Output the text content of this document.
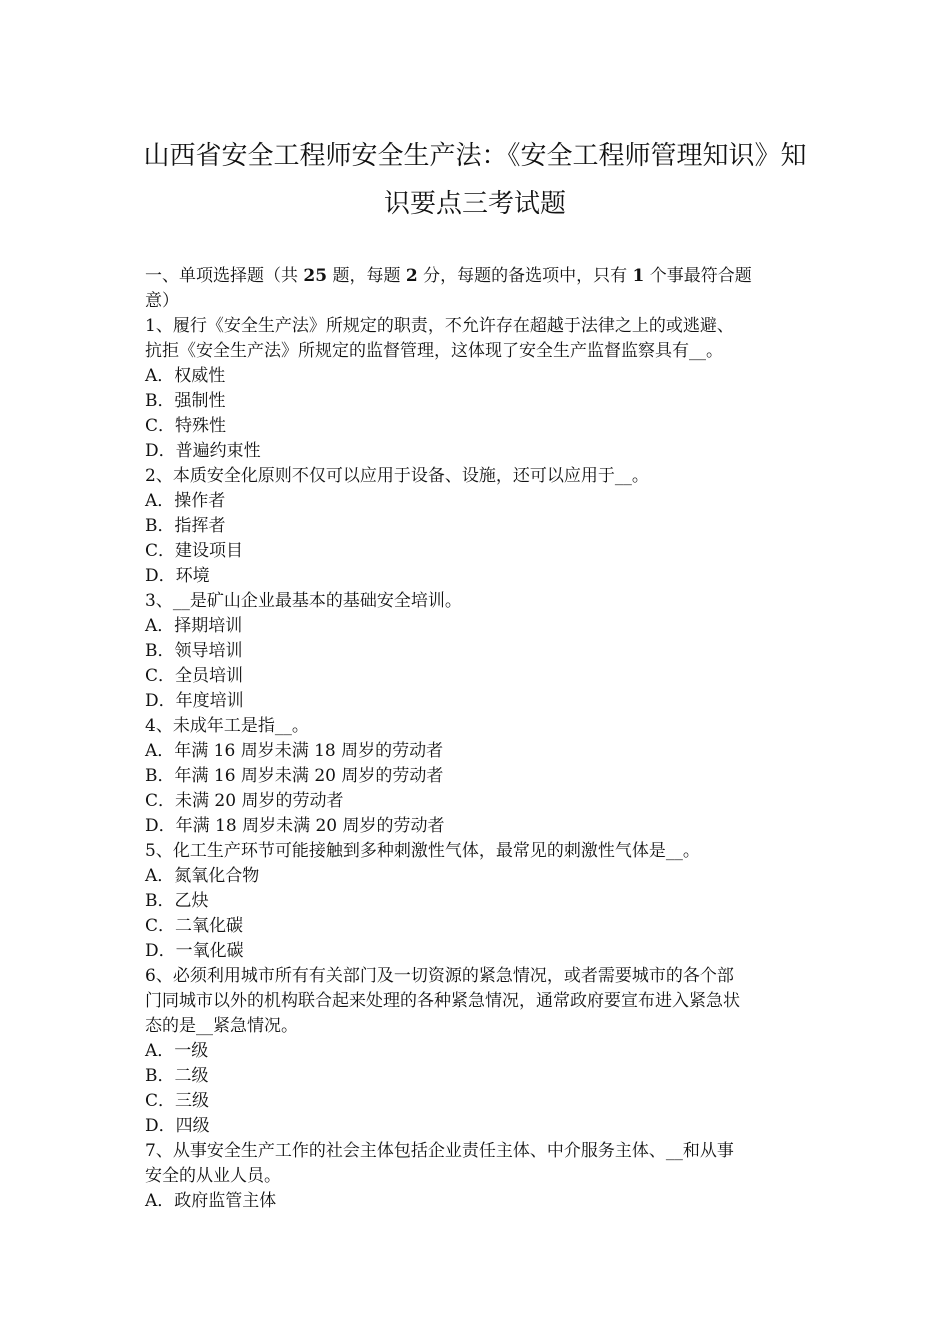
山西省安全工程师安全生产法：《安全工程师管理知识》知
识要点三考试题
一、单项选择题（共 25 题，每题 2 分，每题的备选项中，只有 1 个事最符合题
意）
1、履行《安全生产法》所规定的职责，不允许存在超越于法律之上的或逃避、
抗拒《安全生产法》所规定的监督管理，这体现了安全生产监督监察具有__。
A．权威性
B．强制性
C．特殊性
D．普遍约束性
2、本质安全化原则不仅可以应用于设备、设施，还可以应用于__。
A．操作者
B．指挥者
C．建设项目
D．环境
3、__是矿山企业最基本的基础安全培训。
A．择期培训
B．领导培训
C．全员培训
D．年度培训
4、未成年工是指__。
A．年满 16 周岁未满 18 周岁的劳动者
B．年满 16 周岁未满 20 周岁的劳动者
C．未满 20 周岁的劳动者
D．年满 18 周岁未满 20 周岁的劳动者
5、化工生产环节可能接触到多种刺激性气体，最常见的刺激性气体是__。
A．氮氧化合物
B．乙炔
C．二氧化碳
D．一氧化碳
6、必须利用城市所有有关部门及一切资源的紧急情况，或者需要城市的各个部
门同城市以外的机构联合起来处理的各种紧急情况，通常政府要宣布进入紧急状
态的是__紧急情况。
A．一级
B．二级
C．三级
D．四级
7、从事安全生产工作的社会主体包括企业责任主体、中介服务主体、__和从事
安全的从业人员。
A．政府监管主体
